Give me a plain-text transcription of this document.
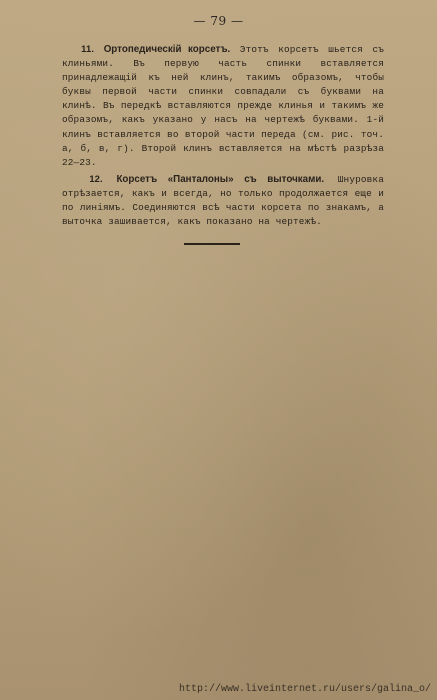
— 79 —

11. Ортопедическій корсетъ. Этотъ корсетъ шьется съ клиньями. Въ первую часть спинки вставляется принадлежащій къ ней клинъ, такимъ образомъ, чтобы буквы первой части спинки совпадали съ буквами на клинѣ. Въ передкѣ вставляются прежде клинья и такимъ же образомъ, какъ указано у насъ на чертежѣ буквами. 1-й клинъ вставляется во второй части переда (см. рис. точ. а, б, в, г). Второй клинъ вставляется на мѣстѣ разрѣза 22—23.

12. Корсетъ «Панталоны» съ выточками. Шнуровка отрѣзается, какъ и всегда, но только продолжается еще и по линіямъ. Соединяются всѣ части корсета по знакамъ, а выточка зашивается, какъ показано на чертежѣ.

http://www.liveinternet.ru/users/galina_o/
